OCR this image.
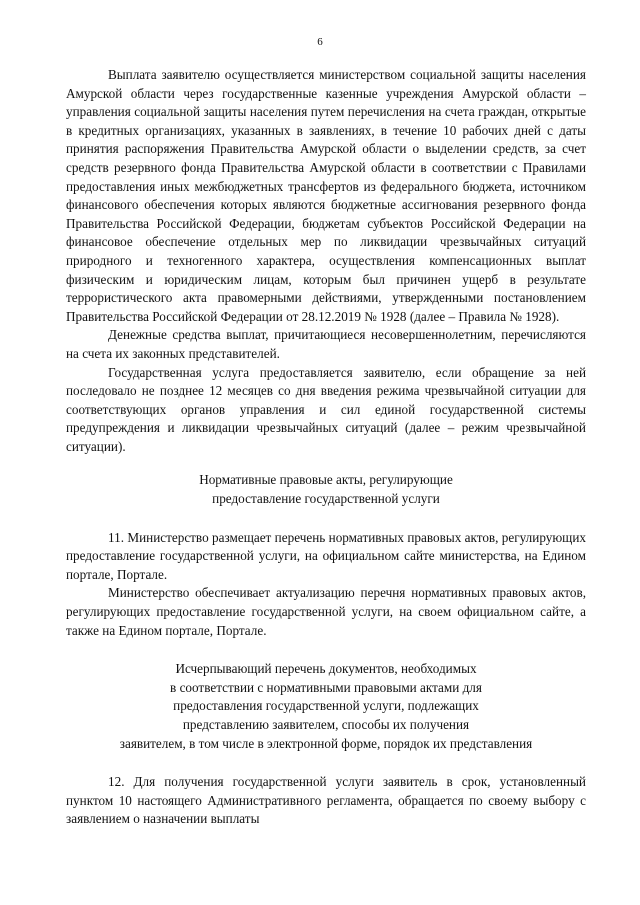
6

Выплата заявителю осуществляется министерством социальной защиты населения Амурской области через государственные казенные учреждения Амурской области – управления социальной защиты населения путем перечисления на счета граждан, открытые в кредитных организациях, указанных в заявлениях, в течение 10 рабочих дней с даты принятия распоряжения Правительства Амурской области о выделении средств, за счет средств резервного фонда Правительства Амурской области в соответствии с Правилами предоставления иных межбюджетных трансфертов из федерального бюджета, источником финансового обеспечения которых являются бюджетные ассигнования резервного фонда Правительства Российской Федерации, бюджетам субъектов Российской Федерации на финансовое обеспечение отдельных мер по ликвидации чрезвычайных ситуаций природного и техногенного характера, осуществления компенсационных выплат физическим и юридическим лицам, которым был причинен ущерб в результате террористического акта правомерными действиями, утвержденными постановлением Правительства Российской Федерации от 28.12.2019 № 1928 (далее – Правила № 1928).

Денежные средства выплат, причитающиеся несовершеннолетним, перечисляются на счета их законных представителей.

Государственная услуга предоставляется заявителю, если обращение за ней последовало не позднее 12 месяцев со дня введения режима чрезвычайной ситуации для соответствующих органов управления и сил единой государственной системы предупреждения и ликвидации чрезвычайных ситуаций (далее – режим чрезвычайной ситуации).

Нормативные правовые акты, регулирующие
предоставление государственной услуги

11. Министерство размещает перечень нормативных правовых актов, регулирующих предоставление государственной услуги, на официальном сайте министерства, на Едином портале, Портале.

Министерство обеспечивает актуализацию перечня нормативных правовых актов, регулирующих предоставление государственной услуги, на своем официальном сайте, а также на Едином портале, Портале.

Исчерпывающий перечень документов, необходимых
в соответствии с нормативными правовыми актами для
предоставления государственной услуги, подлежащих
представлению заявителем, способы их получения
заявителем, в том числе в электронной форме, порядок их представления

12. Для получения государственной услуги заявитель в срок, установленный пунктом 10 настоящего Административного регламента, обращается по своему выбору с заявлением о назначении выплаты
